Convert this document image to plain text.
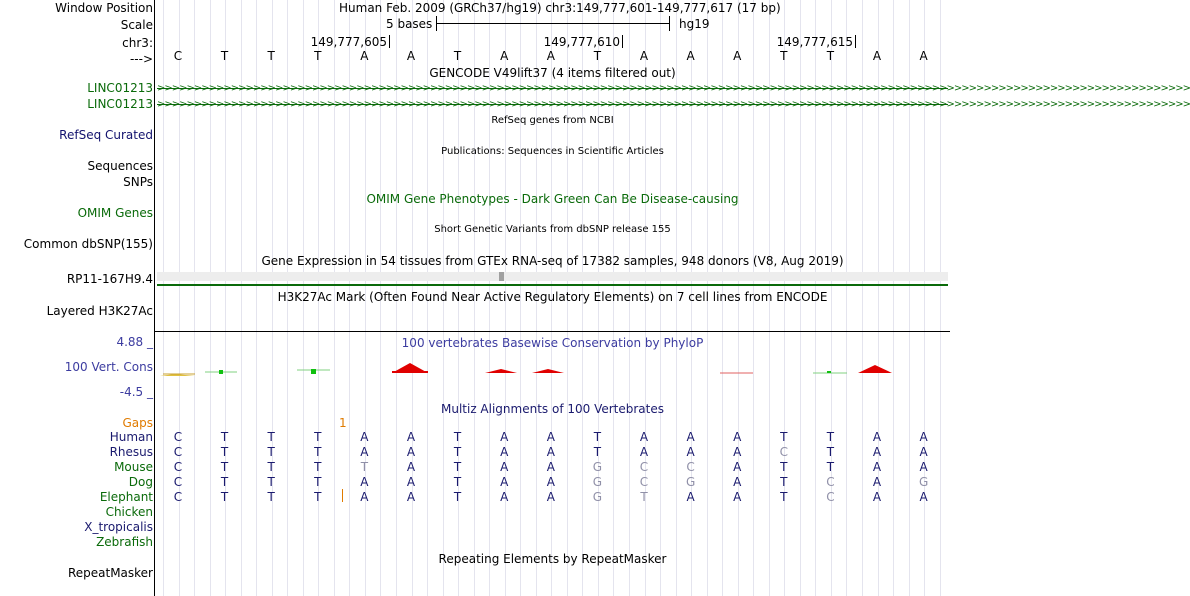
Window Position	Human Feb. 2009 (GRCh37/hg19) chr3:149,777,601-149,777,617 (17 bp)
Scale	5 bases	hg19
chr3:	149,777,605	149,777,610	149,777,615
--->	C	T	T	T	A	A	T	A	A	T	A	A	A	T	T	A	A
GENCODE V49lift37 (4 items filtered out)
LINC01213 >>>>>>>>>>>>>>>>>>>>>>>>>>>>>>>>>>>>>>>>>>>>>>>>>>>>>>>>>>>>>>>>>>>>>>>>>>>>>>>>>>>>>>>>>>>>>>>>>>>>>>>>>>>>>>>>>>>>>>>>>>>>>>>>>>>>>>>>>>>>
LINC01213 >>>>>>>>>>>>>>>>>>>>>>>>>>>>>>>>>>>>>>>>>>>>>>>>>>>>>>>>>>>>>>>>>>>>>>>>>>>>>>>>>>>>>>>>>>>>>>>>>>>>>>>>>>>>>>>>>>>>>>>>>>>>>>>>>>>>>>>>>>>>
RefSeq genes from NCBI
RefSeq Curated
Publications: Sequences in Scientific Articles
Sequences
SNPs
OMIM Gene Phenotypes - Dark Green Can Be Disease-causing
OMIM Genes
Short Genetic Variants from dbSNP release 155
Common dbSNP(155)
Gene Expression in 54 tissues from GTEx RNA-seq of 17382 samples, 948 donors (V8, Aug 2019)
RP11-167H9.4
H3K27Ac Mark (Often Found Near Active Regulatory Elements) on 7 cell lines from ENCODE
Layered H3K27Ac
100 vertebrates Basewise Conservation by PhyloP
4.88 _
100 Vert. Cons
-4.5 _
Multiz Alignments of 100 Vertebrates
Gaps	1
Human	C	T	T	T	A	A	T	A	A	T	A	A	A	T	T	A	A
Rhesus	C	T	T	T	A	A	T	A	A	T	A	A	A	C	T	A	A
Mouse	C	T	T	T	T	A	T	A	A	G	C	C	A	T	T	A	A
Dog	C	T	T	T	A	A	T	A	A	G	C	G	A	T	C	A	G
Elephant	C	T	T	T	A	A	T	A	A	G	T	A	A	T	C	A	A
Chicken
X_tropicalis
Zebrafish
Repeating Elements by RepeatMasker
RepeatMasker
